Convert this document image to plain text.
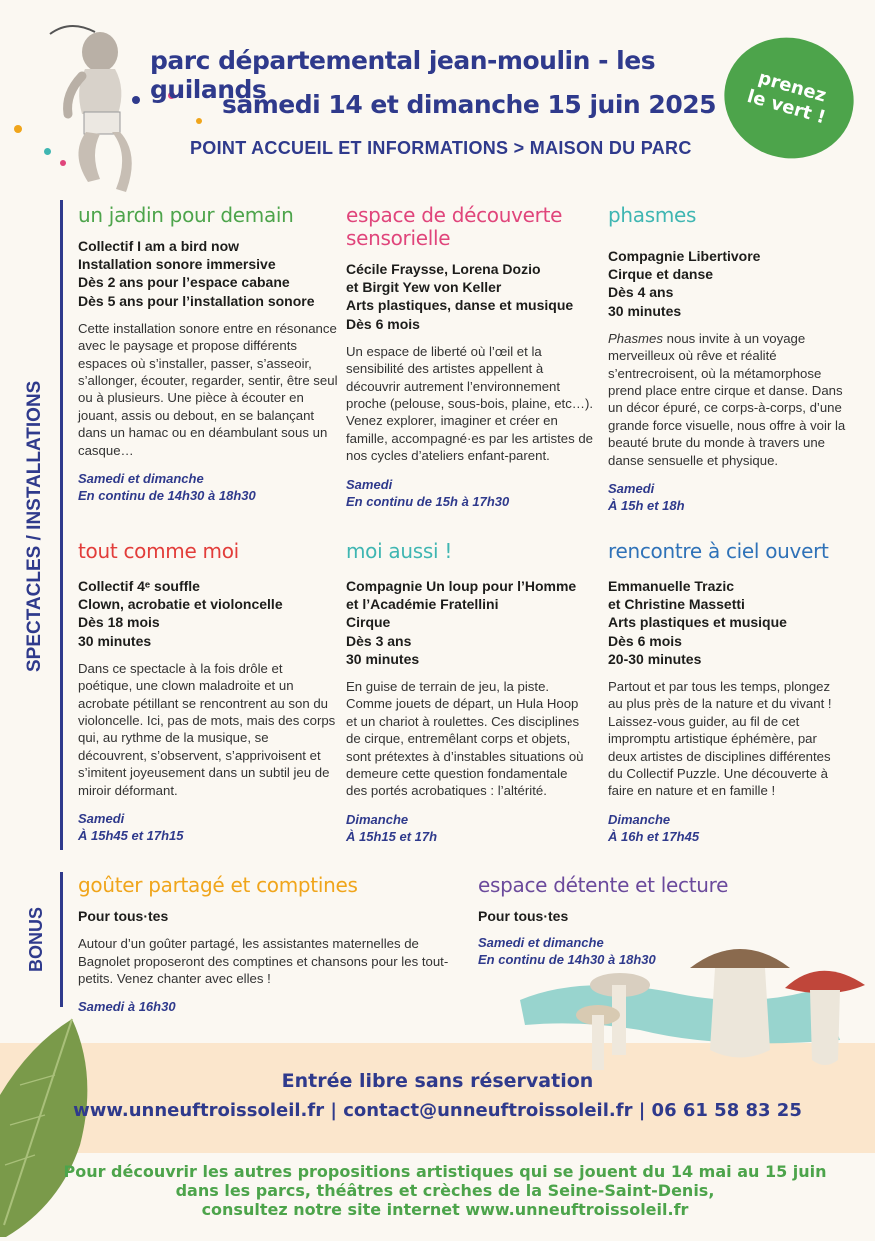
parc départemental jean-moulin - les guilands
samedi 14 et dimanche 15 juin 2025
POINT ACCUEIL ET INFORMATIONS > MAISON DU PARC
prenez le vert !
SPECTACLES / INSTALLATIONS
BONUS
un jardin pour demain
Collectif I am a bird now
Installation sonore immersive
Dès 2 ans pour l’espace cabane
Dès 5 ans pour l’installation sonore
Cette installation sonore entre en résonance avec le paysage et propose différents espaces où s’installer, passer, s’asseoir, s’allonger, écouter, regarder, sentir, être seul ou à plusieurs. Une pièce à écouter en jouant, assis ou debout, en se balançant dans un hamac ou en déambulant sous un casque…
Samedi et dimanche
En continu de 14h30 à 18h30
espace de découverte sensorielle
Cécile Fraysse, Lorena Dozio
et Birgit Yew von Keller
Arts plastiques, danse et musique
Dès 6 mois
Un espace de liberté où l’œil et la sensibilité des artistes appellent à découvrir autrement l’environnement proche (pelouse, sous-bois, plaine, etc…). Venez explorer, imaginer et créer en famille, accompagné·es par les artistes de nos cycles d’ateliers enfant-parent.
Samedi
En continu de 15h à 17h30
phasmes
Compagnie Libertivore
Cirque et danse
Dès 4 ans
30 minutes
Phasmes nous invite à un voyage merveilleux où rêve et réalité s’entrecroisent, où la métamorphose prend place entre cirque et danse. Dans un décor épuré, ce corps-à-corps, d’une grande force visuelle, nous offre à voir la beauté brute du monde à travers une danse sensuelle et physique.
Samedi
À 15h et 18h
tout comme moi
Collectif 4ᵉ souffle
Clown, acrobatie et violoncelle
Dès 18 mois
30 minutes
Dans ce spectacle à la fois drôle et poétique, une clown maladroite et un acrobate pétillant se rencontrent au son du violoncelle. Ici, pas de mots, mais des corps qui, au rythme de la musique, se découvrent, s’observent, s’apprivoisent et s’imitent joyeusement dans un subtil jeu de miroir déformant.
Samedi
À 15h45 et 17h15
moi aussi !
Compagnie Un loup pour l’Homme
et l’Académie Fratellini
Cirque
Dès 3 ans
30 minutes
En guise de terrain de jeu, la piste. Comme jouets de départ, un Hula Hoop et un chariot à roulettes. Ces disciplines de cirque, entremêlant corps et objets, sont prétextes à d’instables situations où demeure cette question fondamentale des portés acrobatiques : l’altérité.
Dimanche
À 15h15 et 17h
rencontre à ciel ouvert
Emmanuelle Trazic
et Christine Massetti
Arts plastiques et musique
Dès 6 mois
20-30 minutes
Partout et par tous les temps, plongez au plus près de la nature et du vivant ! Laissez-vous guider, au fil de cet impromptu artistique éphémère, par deux artistes de disciplines différentes du Collectif Puzzle. Une découverte à faire en nature et en famille !
Dimanche
À 16h et 17h45
goûter partagé et comptines
Pour tous·tes
Autour d’un goûter partagé, les assistantes maternelles de Bagnolet proposeront des comptines et chansons pour les tout-petits. Venez chanter avec elles !
Samedi à 16h30
espace détente et lecture
Pour tous·tes
Samedi et dimanche
En continu de 14h30 à 18h30
Entrée libre sans réservation
www.unneuftroissoleil.fr | contact@unneuftroissoleil.fr | 06 61 58 83 25
Pour découvrir les autres propositions artistiques qui se jouent du 14 mai au 15 juin
dans les parcs, théâtres et crèches de la Seine-Saint-Denis,
consultez notre site internet www.unneuftroissoleil.fr
